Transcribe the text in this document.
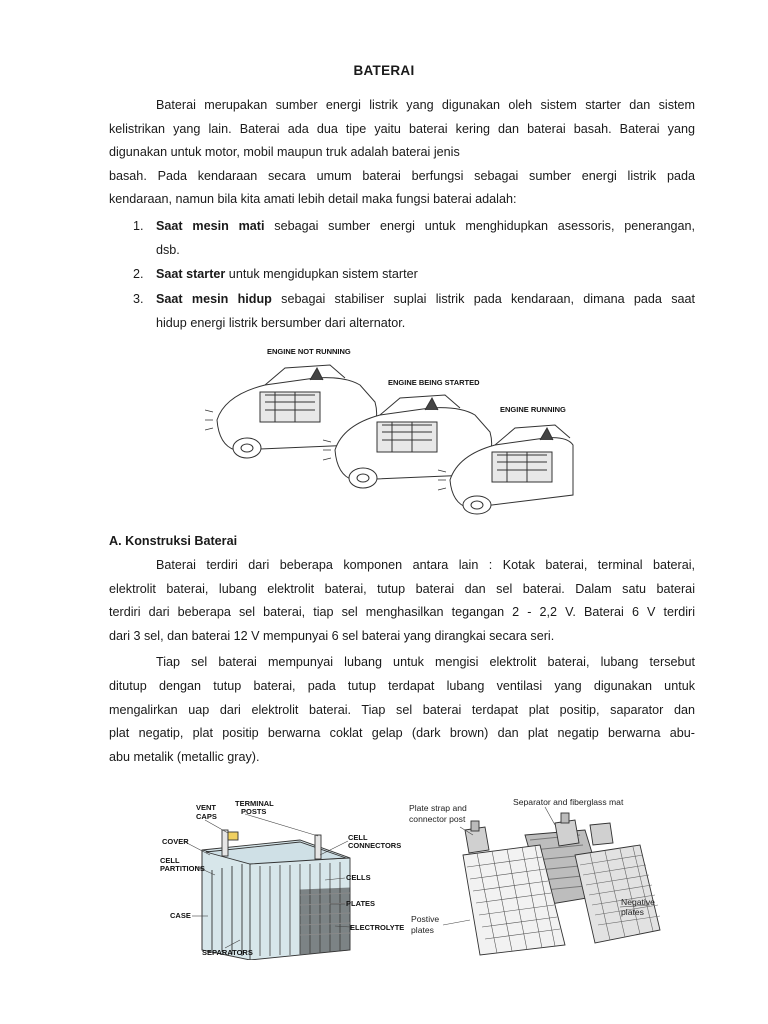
BATERAI

Baterai merupakan sumber energi listrik yang digunakan oleh sistem starter dan sistem

kelistrikan yang lain. Baterai ada dua tipe yaitu baterai kering dan baterai basah. Baterai yang

digunakan untuk motor, mobil maupun truk adalah baterai jenis

basah. Pada kendaraan secara umum baterai berfungsi sebagai sumber energi listrik pada

kendaraan, namun bila kita amati lebih detail maka fungsi baterai adalah:

1. Saat mesin mati sebagai sumber energi untuk menghidupkan asessoris, penerangan,

dsb.

2. Saat starter untuk mengidupkan sistem starter

3. Saat mesin hidup sebagai stabiliser suplai listrik pada kendaraan, dimana pada saat

hidup energi listrik bersumber dari alternator.

ENGINE NOT RUNNING
ENGINE BEING STARTED
ENGINE RUNNING
A. Konstruksi Baterai

Baterai terdiri dari beberapa komponen antara lain : Kotak baterai, terminal baterai,

elektrolit baterai, lubang elektrolit baterai, tutup baterai dan sel baterai. Dalam satu baterai

terdiri dari beberapa sel baterai, tiap sel menghasilkan tegangan 2 - 2,2 V. Baterai 6 V terdiri

dari 3 sel, dan baterai 12 V mempunyai 6 sel baterai yang dirangkai secara seri.

Tiap sel baterai mempunyai lubang untuk mengisi elektrolit baterai, lubang tersebut

ditutup dengan tutup baterai, pada tutup terdapat lubang ventilasi yang digunakan untuk

mengalirkan uap dari elektrolit baterai. Tiap sel baterai terdapat plat positip, saparator dan

plat negatip, plat positip berwarna coklat gelap (dark brown) dan plat negatip berwarna abu-

abu metalik (metallic gray).

VENT
CAPS
TERMINAL
POSTS
COVER	CELL
CONNECTORS
CELL
PARTITIONS
CELLS
PLATES
CASE
ELECTROLYTE
SEPARATORS
Plate strap and
connector post
Separator and fiberglass mat
Negative
plates
Postive
plates
